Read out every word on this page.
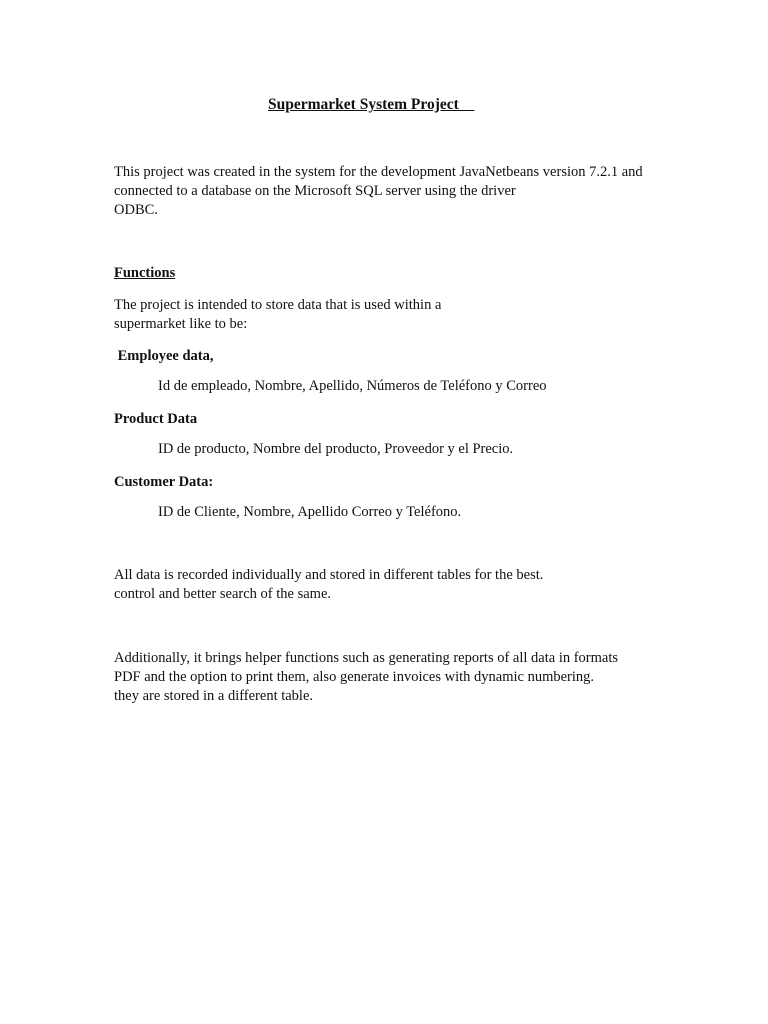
Supermarket System Project
This project was created in the system for the development JavaNetbeans version 7.2.1 and
connected to a database on the Microsoft SQL server using the driver
ODBC.
Functions
The project is intended to store data that is used within a
supermarket like to be:
Employee data,
Id de empleado, Nombre, Apellido, Números de Teléfono y Correo
Product Data
ID de producto, Nombre del producto, Proveedor y el Precio.
Customer Data:
ID de Cliente, Nombre, Apellido Correo y Teléfono.
All data is recorded individually and stored in different tables for the best.
control and better search of the same.
Additionally, it brings helper functions such as generating reports of all data in formats
PDF and the option to print them, also generate invoices with dynamic numbering.
they are stored in a different table.
